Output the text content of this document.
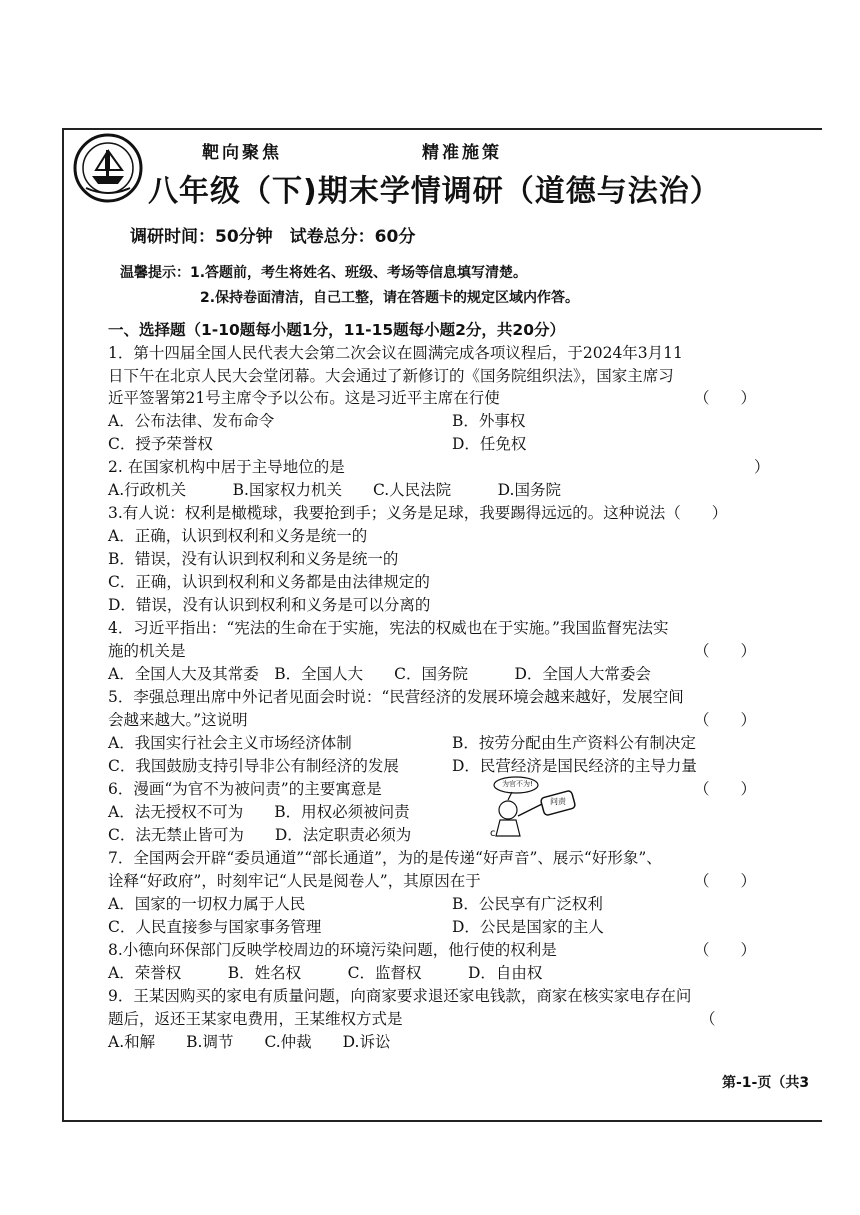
靶向聚焦	精准施策
八年级（下)期末学情调研（道德与法治）
调研时间：50分钟　试卷总分：60分
温馨提示：1.答题前，考生将姓名、班级、考场等信息填写清楚。
2.保持卷面清洁，自己工整，请在答题卡的规定区域内作答。
一、选择题（1-10题每小题1分，11-15题每小题2分，共20分）
1．第十四届全国人民代表大会第二次会议在圆满完成各项议程后，于2024年3月11
日下午在北京人民大会堂闭幕。大会通过了新修订的《国务院组织法》，国家主席习
近平签署第21号主席令予以公布。这是习近平主席在行使	（　　）
A．公布法律、发布命令	B．外事权
C．授予荣誉权	D．任免权
2. 在国家机构中居于主导地位的是	）
A.行政机关　　　B.国家权力机关　　C.人民法院　　　D.国务院
3.有人说：权利是橄榄球，我要抢到手；义务是足球，我要踢得远远的。这种说法（　　）
A．正确，认识到权利和义务是统一的
B．错误，没有认识到权利和义务是统一的
C．正确，认识到权利和义务都是由法律规定的
D．错误，没有认识到权利和义务是可以分离的
4．习近平指出：“宪法的生命在于实施，宪法的权威也在于实施。”我国监督宪法实
施的机关是	（　　）
A．全国人大及其常委　B．全国人大　　C．国务院　　　D．全国人大常委会
5．李强总理出席中外记者见面会时说：“民营经济的发展环境会越来越好，发展空间
会越来越大。”这说明	（　　）
A．我国实行社会主义市场经济体制	B．按劳分配由生产资料公有制决定
C．我国鼓励支持引导非公有制经济的发展	D．民营经济是国民经济的主导力量
6．漫画“为官不为被问责”的主要寓意是	（　　）
A．法无授权不可为　　B．用权必须被问责
C．法无禁止皆可为　　D．法定职责必须为	c
为官不为!
问责
7．全国两会开辟“委员通道”“部长通道”，为的是传递“好声音”、展示“好形象”、
诠释“好政府”，时刻牢记“人民是阅卷人”，其原因在于	（　　）
A．国家的一切权力属于人民	B．公民享有广泛权利
C．人民直接参与国家事务管理	D．公民是国家的主人
8.小德向环保部门反映学校周边的环境污染问题，他行使的权利是	（　　）
A．荣誉权　　　B．姓名权　　　C．监督权　　　D．自由权
9．王某因购买的家电有质量问题，向商家要求退还家电钱款，商家在核实家电存在问
题后，返还王某家电费用，王某维权方式是	（　　
A.和解　　B.调节　　C.仲裁　　D.诉讼
第-1-页（共3
